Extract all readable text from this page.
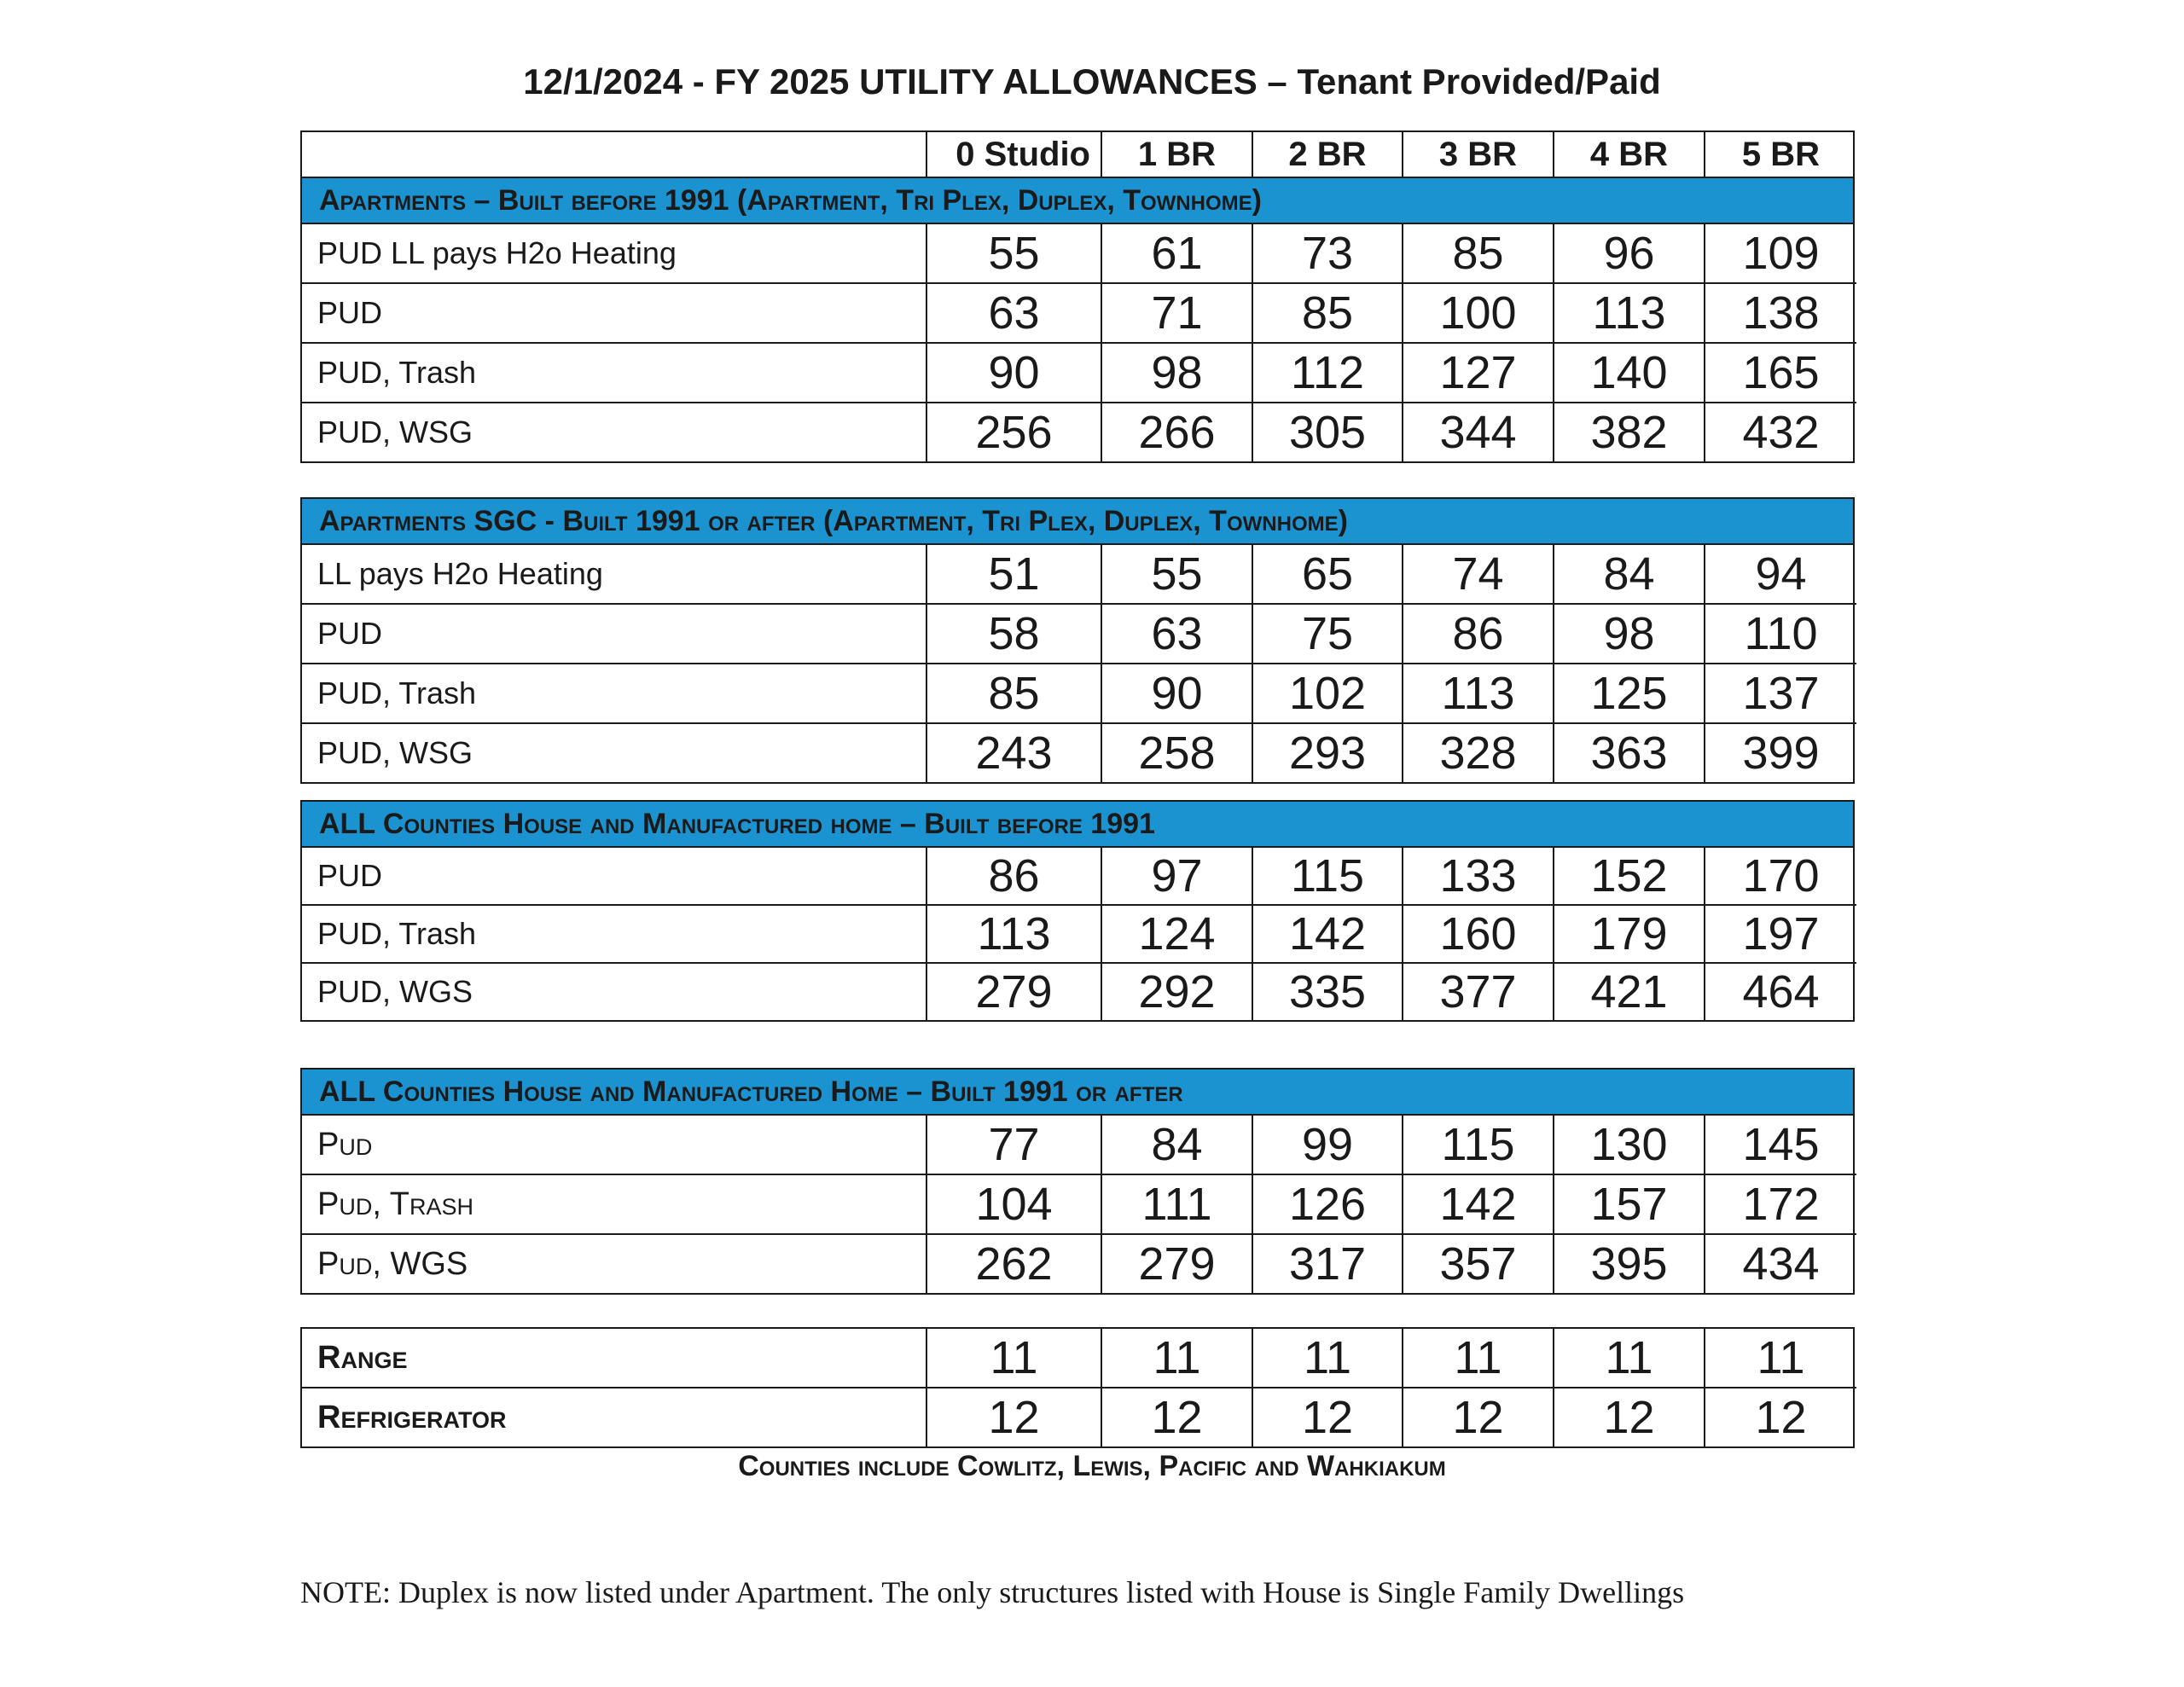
12/1/2024 - FY 2025 UTILITY ALLOWANCES – Tenant Provided/Paid
	0 Studio	1 BR	2 BR	3 BR	4 BR	5 BR
Apartments – Built before 1991 (Apartment, Tri Plex, Duplex, Townhome)
PUD LL pays H2o Heating	55	61	73	85	96	109
PUD	63	71	85	100	113	138
PUD, Trash	90	98	112	127	140	165
PUD, WSG	256	266	305	344	382	432
Apartments SGC - Built 1991 or after (Apartment, Tri Plex, Duplex, Townhome)
LL pays H2o Heating	51	55	65	74	84	94
PUD	58	63	75	86	98	110
PUD, Trash	85	90	102	113	125	137
PUD, WSG	243	258	293	328	363	399
ALL Counties House and Manufactured home – Built before 1991
PUD	86	97	115	133	152	170
PUD, Trash	113	124	142	160	179	197
PUD, WGS	279	292	335	377	421	464
ALL Counties House and Manufactured Home – Built 1991 or after
Pud	77	84	99	115	130	145
Pud, Trash	104	111	126	142	157	172
Pud, WGS	262	279	317	357	395	434
Range	11	11	11	11	11	11
Refrigerator	12	12	12	12	12	12
Counties include Cowlitz, Lewis, Pacific and Wahkiakum
NOTE: Duplex is now listed under Apartment. The only structures listed with House is Single Family Dwellings
